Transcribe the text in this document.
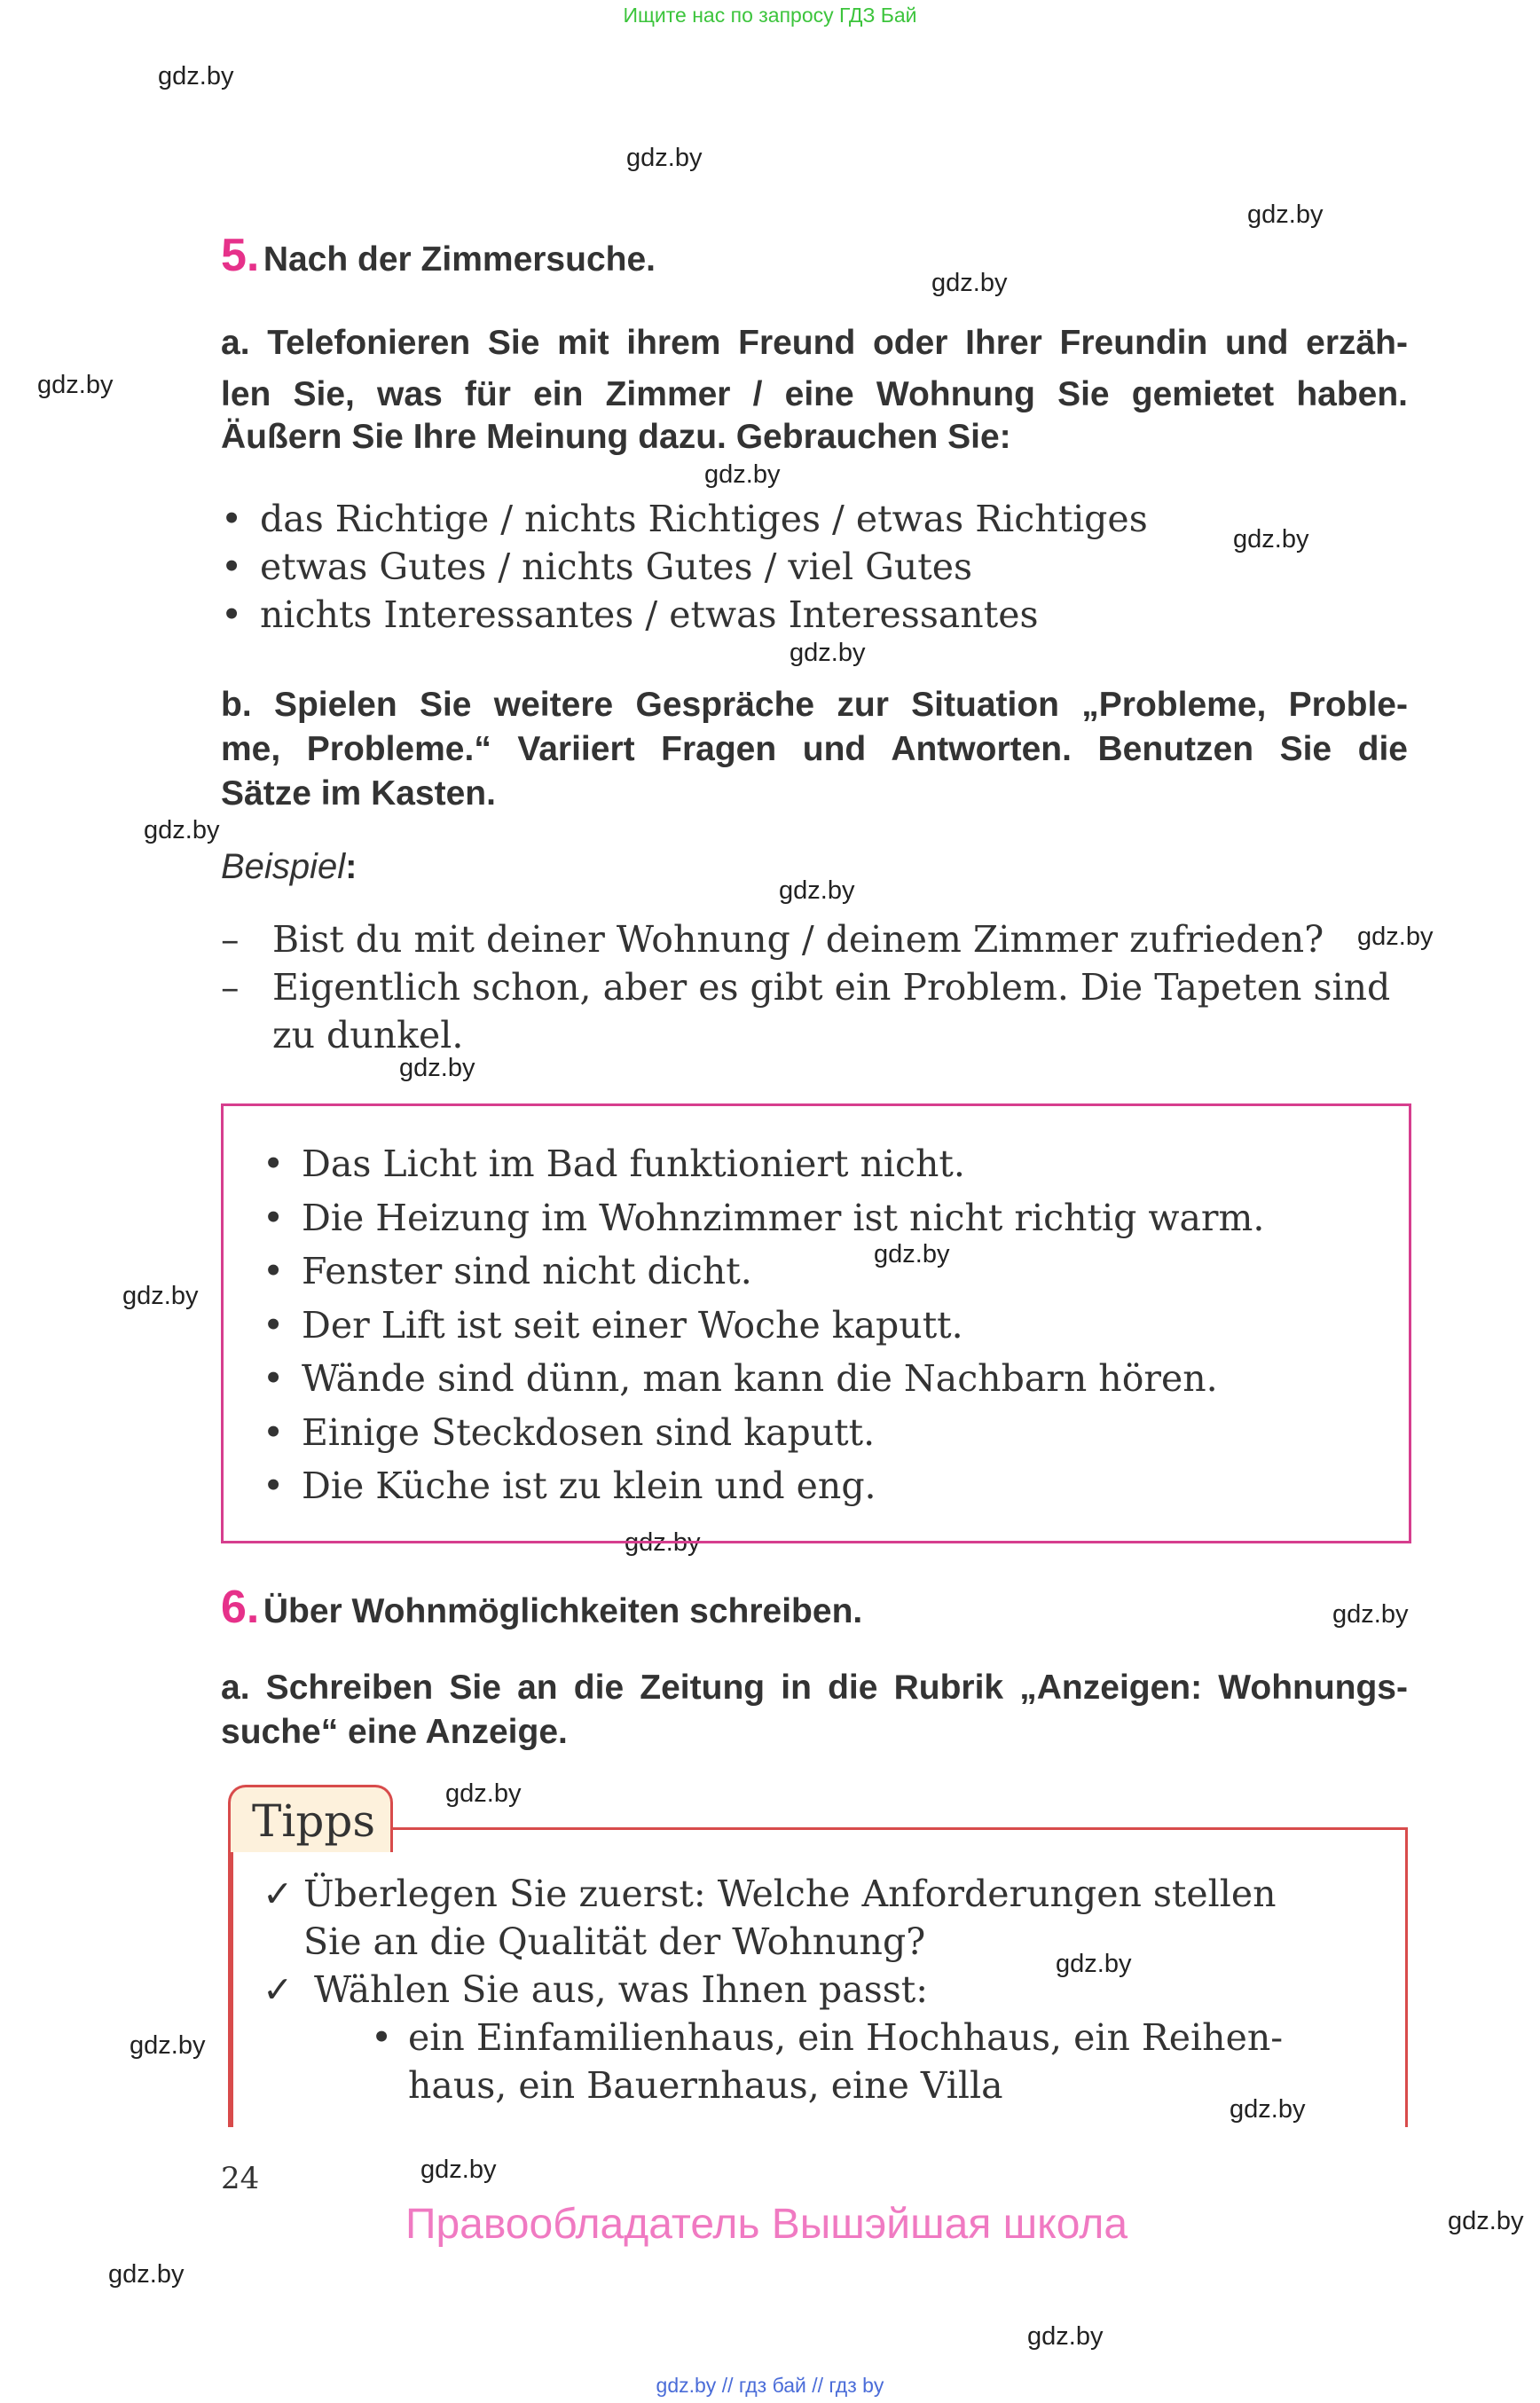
Ищите нас по запросу ГДЗ Бай
gdz.by
gdz.by
gdz.by
gdz.by
gdz.by
gdz.by
gdz.by
gdz.by
gdz.by
gdz.by
gdz.by
gdz.by
gdz.by
gdz.by
gdz.by
gdz.by
gdz.by
gdz.by
gdz.by
gdz.by
gdz.by
gdz.by
gdz.by
gdz.by
5. Nach der Zimmersuche.
a. Telefonieren Sie mit ihrem Freund oder Ihrer Freundin und erzäh-
len Sie, was für ein Zimmer / eine Wohnung Sie gemietet haben.
Äußern Sie Ihre Meinung dazu. Gebrauchen Sie:
• das Richtige / nichts Richtiges / etwas Richtiges
• etwas Gutes / nichts Gutes / viel Gutes
• nichts Interessantes / etwas Interessantes
b. Spielen Sie weitere Gespräche zur Situation „Probleme, Proble-
me, Probleme.“ Variiert Fragen und Antworten. Benutzen Sie die
Sätze im Kasten.
Beispiel:
– Bist du mit deiner Wohnung / deinem Zimmer zufrieden?
– Eigentlich schon, aber es gibt ein Problem. Die Tapeten sind
zu dunkel.
• Das Licht im Bad funktioniert nicht.
• Die Heizung im Wohnzimmer ist nicht richtig warm.
• Fenster sind nicht dicht.
• Der Lift ist seit einer Woche kaputt.
• Wände sind dünn, man kann die Nachbarn hören.
• Einige Steckdosen sind kaputt.
• Die Küche ist zu klein und eng.
6. Über Wohnmöglichkeiten schreiben.
a. Schreiben Sie an die Zeitung in die Rubrik „Anzeigen: Wohnungs-
suche“ eine Anzeige.
Tipps
✓ Überlegen Sie zuerst: Welche Anforderungen stellen
Sie an die Qualität der Wohnung?
✓ Wählen Sie aus, was Ihnen passt:
• ein Einfamilienhaus, ein Hochhaus, ein Reihen-
haus, ein Bauernhaus, eine Villa
24
Правообладатель Вышэйшая школа
gdz.by // гдз бай // гдз by
